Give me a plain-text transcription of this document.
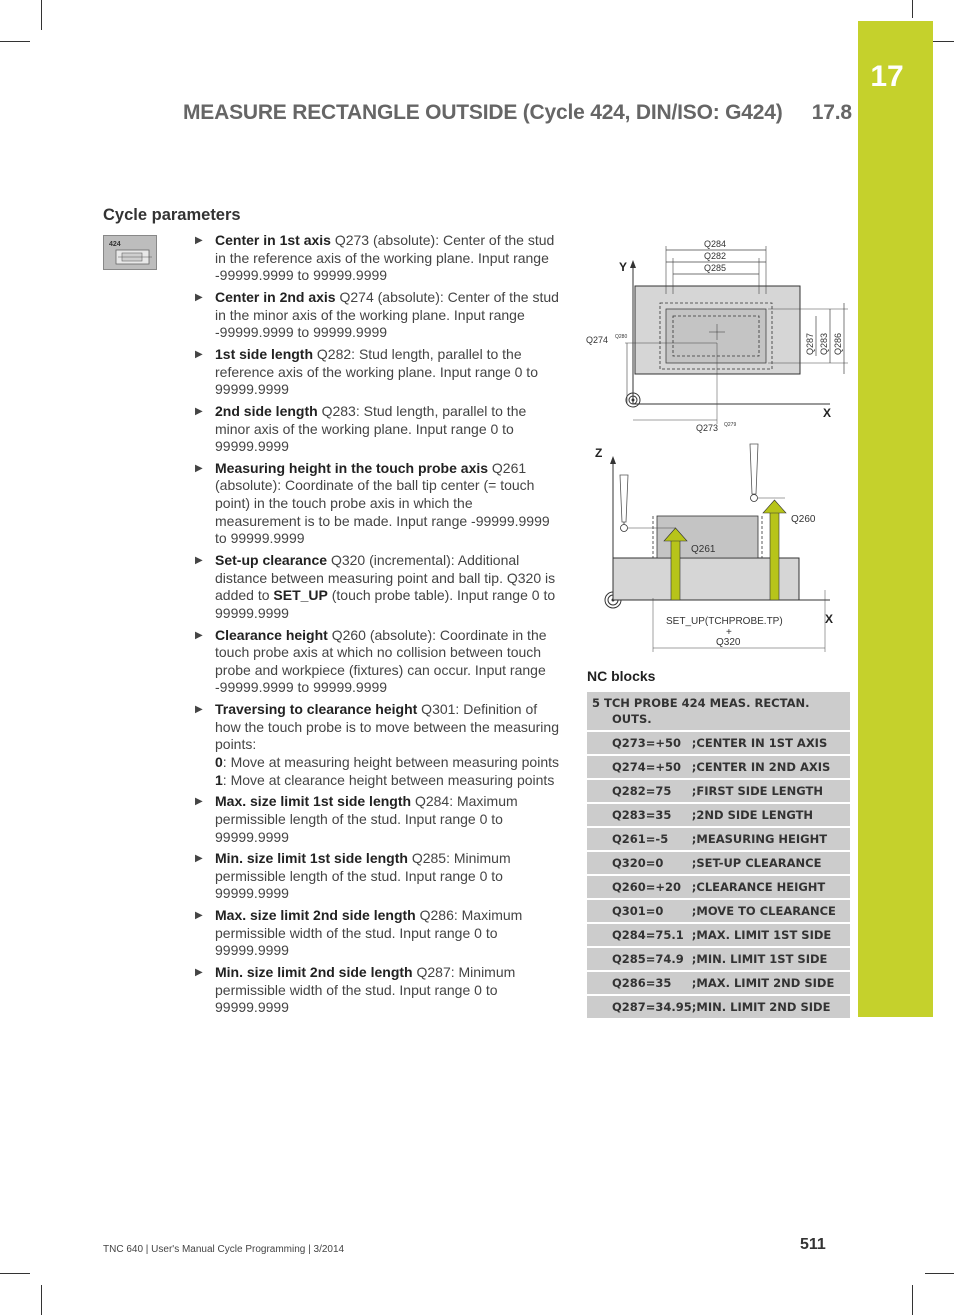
17
MEASURE RECTANGLE OUTSIDE (Cycle 424, DIN/ISO: G424) 17.8
Cycle parameters
424	▶ Center in 1st axis Q273 (absolute): Center of the stud in the reference axis of the working plane. Input range -99999.9999 to 99999.9999
▶ Center in 2nd axis Q274 (absolute): Center of the stud in the minor axis of the working plane. Input range -99999.9999 to 99999.9999
▶ 1st side length Q282: Stud length, parallel to the reference axis of the working plane. Input range 0 to 99999.9999
▶ 2nd side length Q283: Stud length, parallel to the minor axis of the working plane. Input range 0 to 99999.9999
▶ Measuring height in the touch probe axis Q261 (absolute): Coordinate of the ball tip center (= touch point) in the touch probe axis in which the measurement is to be made. Input range -99999.9999 to 99999.9999
▶ Set-up clearance Q320 (incremental): Additional distance between measuring point and ball tip. Q320 is added to SET_UP (touch probe table). Input range 0 to 99999.9999
▶ Clearance height Q260 (absolute): Coordinate in the touch probe axis at which no collision between touch probe and workpiece (fixtures) can occur. Input range -99999.9999 to 99999.9999
▶ Traversing to clearance height Q301: Definition of how the touch probe is to move between the measuring points:
0: Move at measuring height between measuring points
1: Move at clearance height between measuring points
▶ Max. size limit 1st side length Q284: Maximum permissible length of the stud. Input range 0 to 99999.9999
▶ Min. size limit 1st side length Q285: Minimum permissible length of the stud. Input range 0 to 99999.9999
▶ Max. size limit 2nd side length Q286: Maximum permissible width of the stud. Input range 0 to 99999.9999
▶ Min. size limit 2nd side length Q287: Minimum permissible width of the stud. Input range 0 to 99999.9999
Y
X
Q284
Q282
Q285
Q287 Q283 Q286
Q274 Q280
Q273 Q279
Z
X
Q260
Q261
SET_UP(TCHPROBE.TP)
+
Q320
NC blocks
5 TCH PROBE 424 MEAS. RECTAN.
OUTS.	
Q273=+50	;CENTER IN 1ST AXIS
Q274=+50	;CENTER IN 2ND AXIS
Q282=75	;FIRST SIDE LENGTH
Q283=35	;2ND SIDE LENGTH
Q261=-5	;MEASURING HEIGHT
Q320=0	;SET-UP CLEARANCE
Q260=+20	;CLEARANCE HEIGHT
Q301=0	;MOVE TO CLEARANCE
Q284=75.1	;MAX. LIMIT 1ST SIDE
Q285=74.9	;MIN. LIMIT 1ST SIDE
Q286=35	;MAX. LIMIT 2ND SIDE
Q287=34.95	;MIN. LIMIT 2ND SIDE
TNC 640 | User's Manual Cycle Programming | 3/2014	511
